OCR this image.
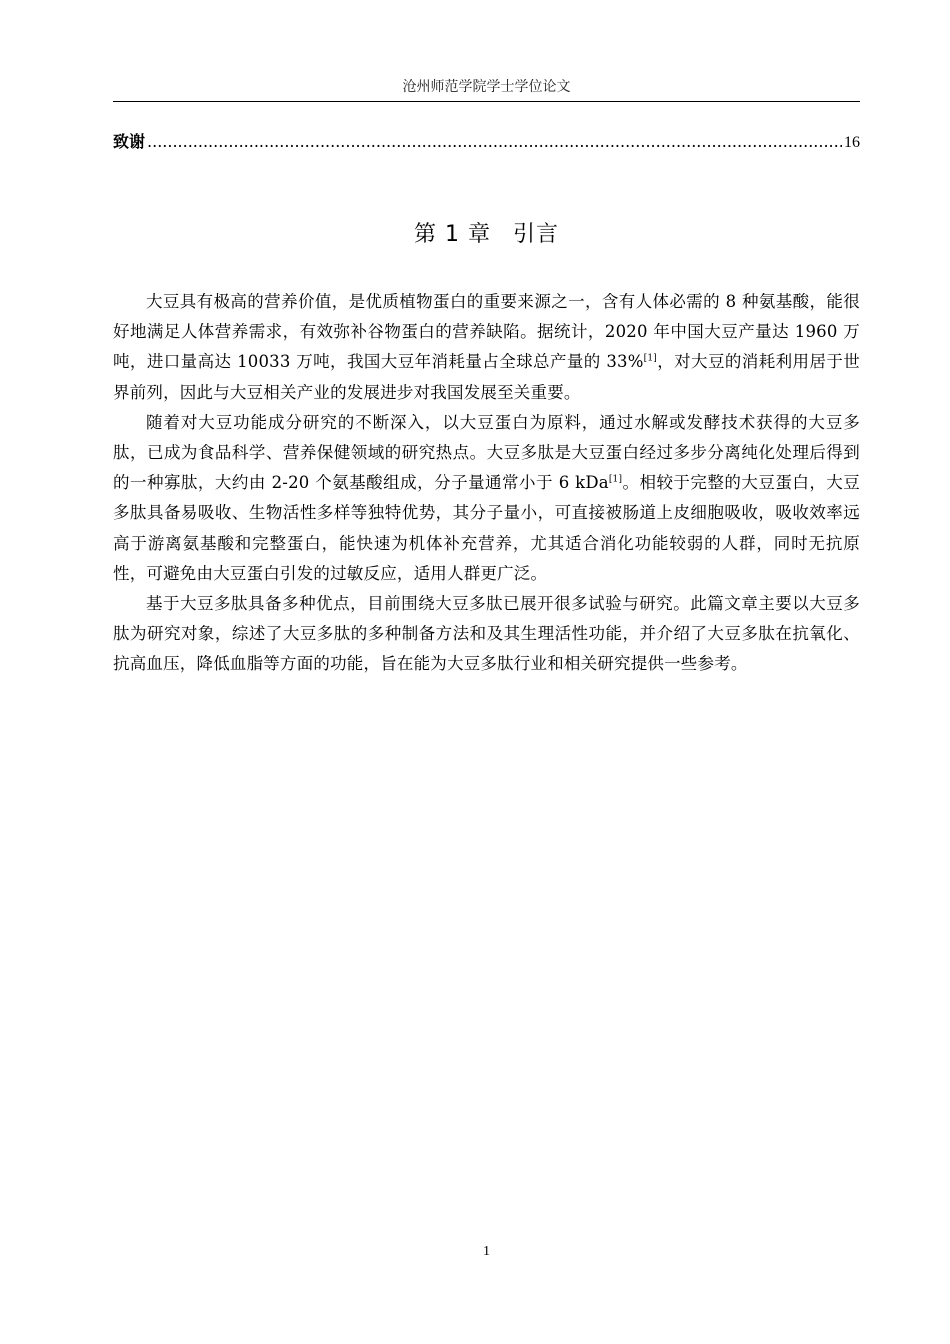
沧州师范学院学士学位论文
致谢
.....	16
第 1 章 引言

大豆具有极高的营养价值，是优质植物蛋白的重要来源之一，含有人体必需的 8 种氨基酸，能很好地满足人体营养需求，有效弥补谷物蛋白的营养缺陷。据统计，2020 年中国大豆产量达 1960 万吨，进口量高达 10033 万吨，我国大豆年消耗量占全球总产量的 33%[1]，对大豆的消耗利用居于世界前列，因此与大豆相关产业的发展进步对我国发展至关重要。

随着对大豆功能成分研究的不断深入，以大豆蛋白为原料，通过水解或发酵技术获得的大豆多肽，已成为食品科学、营养保健领域的研究热点。大豆多肽是大豆蛋白经过多步分离纯化处理后得到的一种寡肽，大约由 2-20 个氨基酸组成，分子量通常小于 6 kDa[1]。相较于完整的大豆蛋白，大豆多肽具备易吸收、生物活性多样等独特优势，其分子量小，可直接被肠道上皮细胞吸收，吸收效率远高于游离氨基酸和完整蛋白，能快速为机体补充营养，尤其适合消化功能较弱的人群，同时无抗原性，可避免由大豆蛋白引发的过敏反应，适用人群更广泛。

基于大豆多肽具备多种优点，目前围绕大豆多肽已展开很多试验与研究。此篇文章主要以大豆多肽为研究对象，综述了大豆多肽的多种制备方法和及其生理活性功能，并介绍了大豆多肽在抗氧化、抗高血压，降低血脂等方面的功能，旨在能为大豆多肽行业和相关研究提供一些参考。

1
